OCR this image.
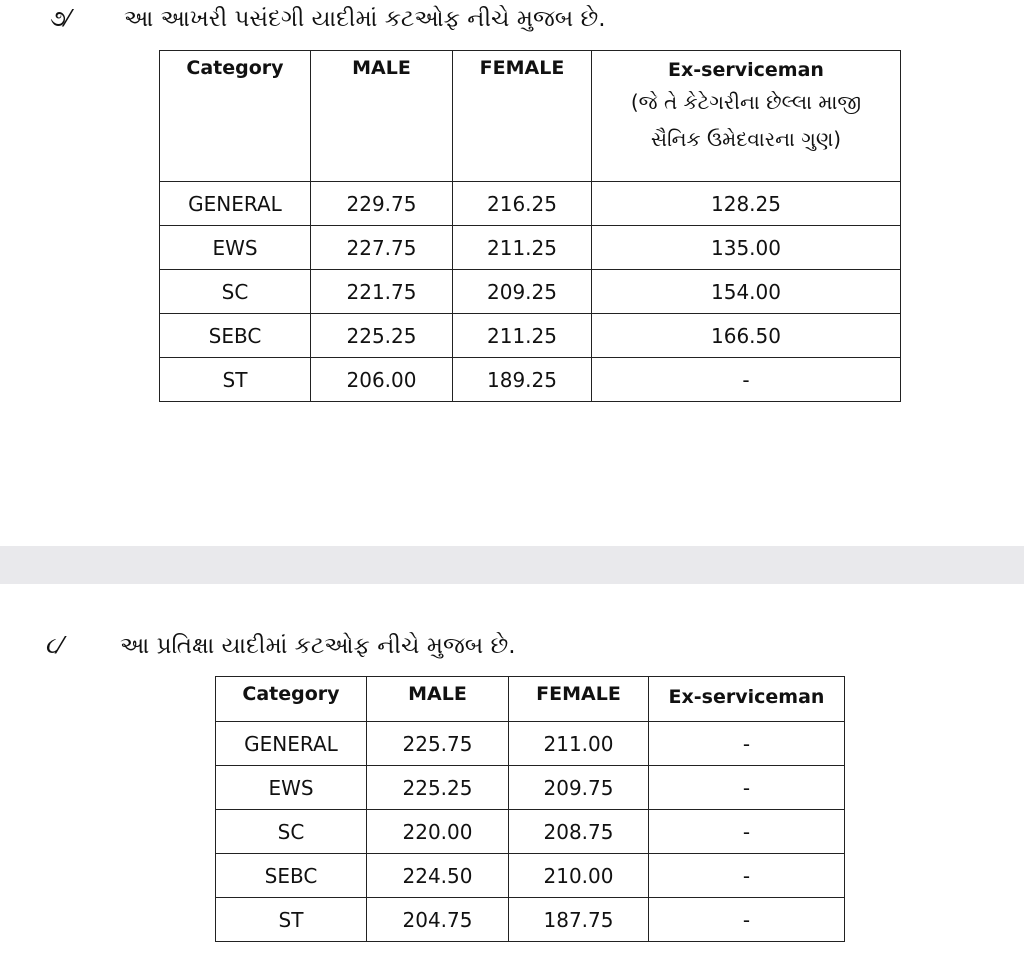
૭⁄	આ આખરી પસંદગી યાદીમાં કટઓફ નીચે મુજબ છે.
Category	MALE	FEMALE	Ex-serviceman
(જે તે કેટેગરીના છેલ્લા માજી
સૈનિક ઉમેદવારના ગુણ)

GENERAL	229.75	216.25	128.25
EWS	227.75	211.25	135.00
SC	221.75	209.25	154.00
SEBC	225.25	211.25	166.50
ST	206.00	189.25	-
૮⁄	આ પ્રતિક્ષા યાદીમાં કટઓફ નીચે મુજબ છે.
Category	MALE	FEMALE	Ex-serviceman
GENERAL	225.75	211.00	-
EWS	225.25	209.75	-
SC	220.00	208.75	-
SEBC	224.50	210.00	-
ST	204.75	187.75	-
